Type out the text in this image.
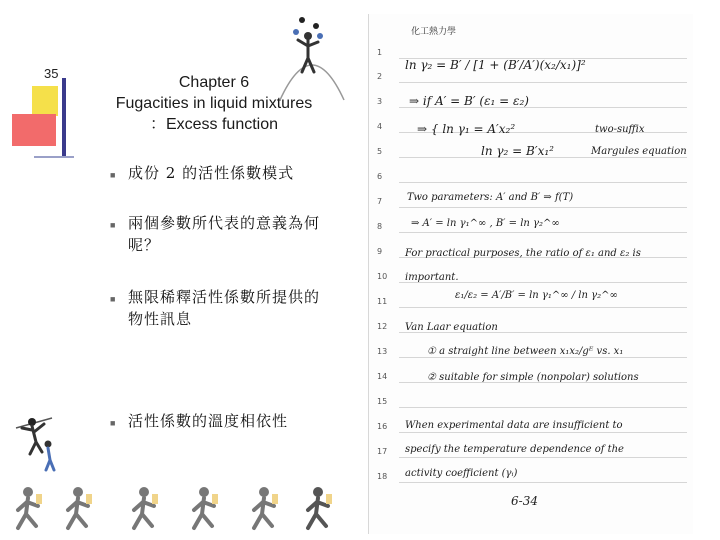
35
Chapter 6
Fugacities in liquid mixtures
：Excess function
■ 成份 2 的活性係數模式
■ 兩個參數所代表的意義為何呢？
■ 無限稀釋活性係數所提供的物性訊息
■ 活性係數的溫度相依性
化工熱力學
1
2
3
4
5
6
7
8
9
10
11
12
13
14
15
16
17
18
ln γ₂ = B′ / [1 + (B′/A′)(x₂/x₁)]²
⇒ if A′ = B′ (ε₁ = ε₂)
⇒ { ln γ₁ = A′x₂²	two-suffix
ln γ₂ = B′x₁²	Margules equation
Two parameters: A′ and B′ ⇒ f(T)
⇒ A′ = ln γ₁^∞ , B′ = ln γ₂^∞
For practical purposes, the ratio of ε₁ and ε₂ is
important.
ε₁/ε₂ = A′/B′ = ln γ₁^∞ / ln γ₂^∞
Van Laar equation
① a straight line between x₁x₂/gᴱ vs. x₁
② suitable for simple (nonpolar) solutions
When experimental data are insufficient to
specify the temperature dependence of the
activity coefficient (γᵢ)
6-34
